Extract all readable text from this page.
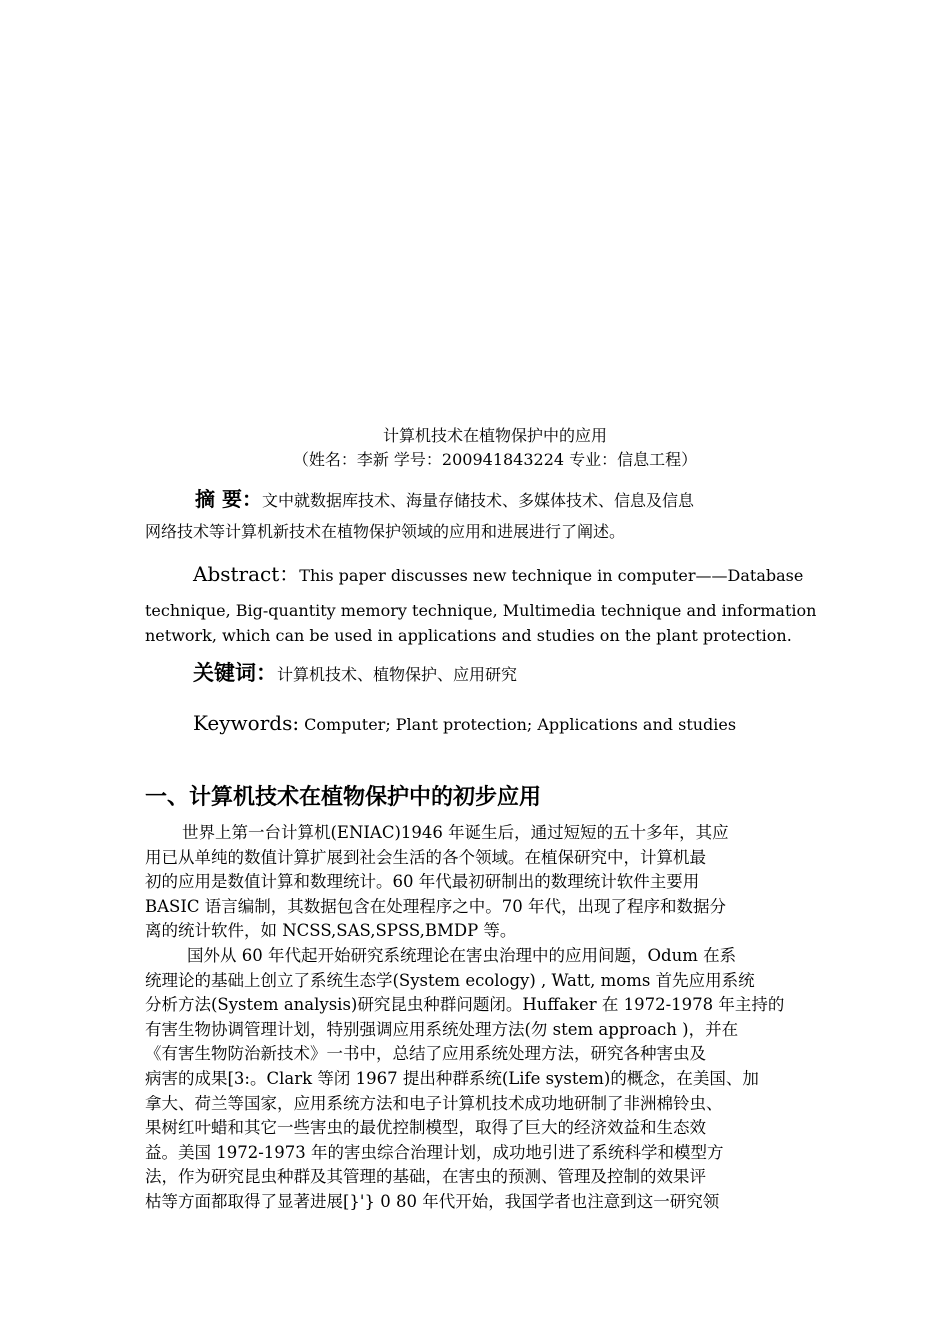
计算机技术在植物保护中的应用
（姓名：李新 学号：200941843224 专业：信息工程）
摘 要：文中就数据库技术、海量存储技术、多媒体技术、信息及信息
网络技术等计算机新技术在植物保护领域的应用和进展进行了阐述。
Abstract：This paper discusses new technique in computer——Database
technique, Big-quantity memory technique, Multimedia technique and information
network, which can be used in applications and studies on the plant protection.
关键词：计算机技术、植物保护、应用研究
Keywords: Computer; Plant protection; Applications and studies
一、计算机技术在植物保护中的初步应用
世界上第一台计算机(ENIAC)1946 年诞生后，通过短短的五十多年，其应
用已从单纯的数值计算扩展到社会生活的各个领域。在植保研究中，计算机最
初的应用是数值计算和数理统计。60 年代最初研制出的数理统计软件主要用
BASIC 语言编制，其数据包含在处理程序之中。70 年代，出现了程序和数据分
离的统计软件，如 NCSS,SAS,SPSS,BMDP 等。
国外从 60 年代起开始研究系统理论在害虫治理中的应用间题，Odum 在系
统理论的基础上创立了系统生态学(System ecology) , Watt, moms 首先应用系统
分析方法(System analysis)研究昆虫种群问题闭。Huffaker 在 1972-1978 年主持的
有害生物协调管理计划，特别强调应用系统处理方法(勿 stem approach )，并在
《有害生物防治新技术》一书中，总结了应用系统处理方法，研究各种害虫及
病害的成果[3:。Clark 等闭 1967 提出种群系统(Life system)的概念，在美国、加
拿大、荷兰等国家，应用系统方法和电子计算机技术成功地研制了非洲棉铃虫、
果树红叶蜡和其它一些害虫的最优控制模型，取得了巨大的经济效益和生态效
益。美国 1972-1973 年的害虫综合治理计划，成功地引进了系统科学和模型方
法，作为研究昆虫种群及其管理的基础，在害虫的预测、管理及控制的效果评
枯等方面都取得了显著进展[}'} 0 80 年代开始，我国学者也注意到这一研究领
